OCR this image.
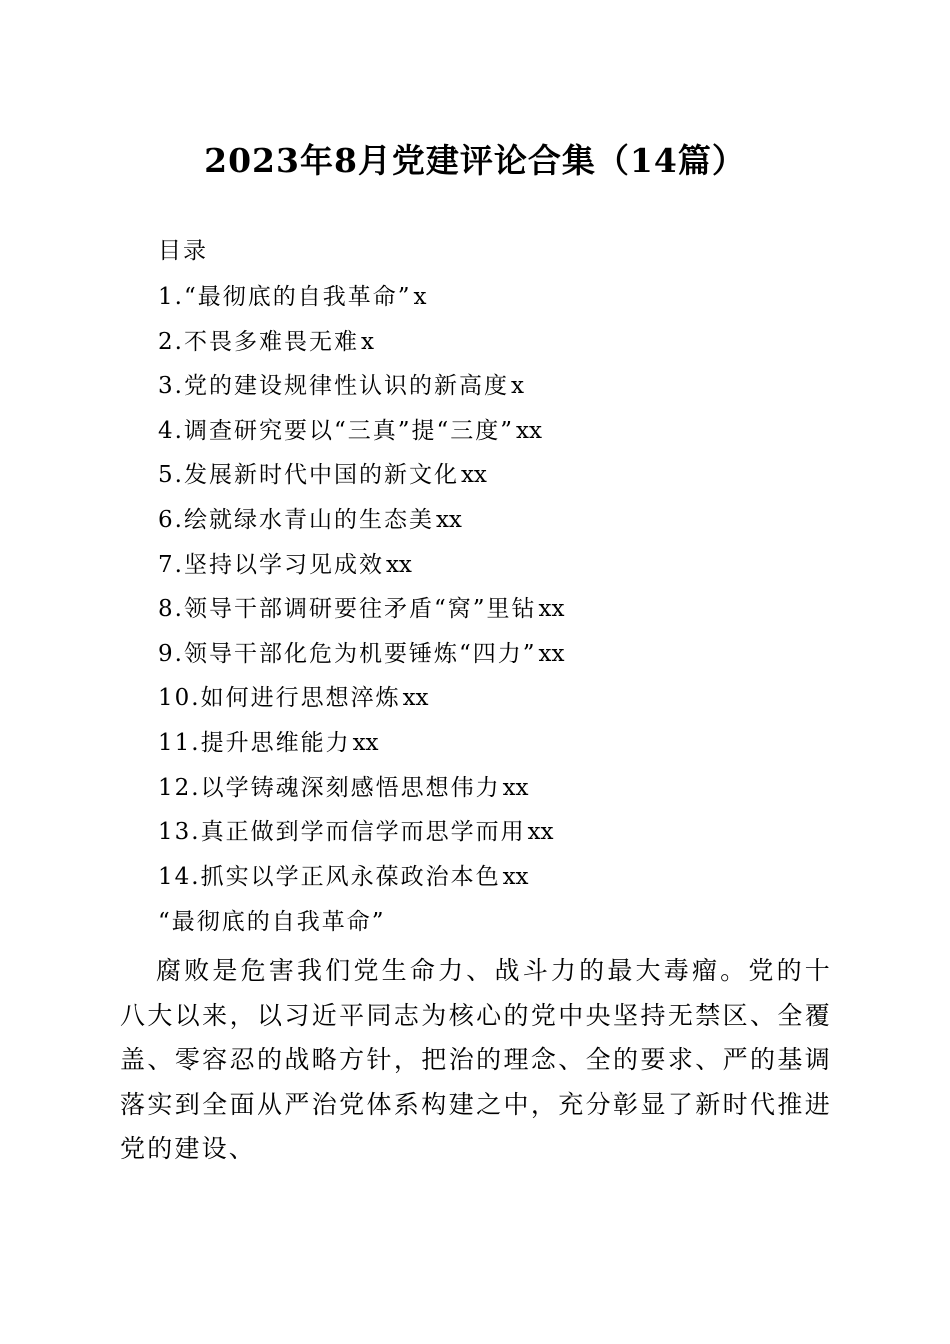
2023年8月党建评论合集（14篇）
目录
1.“最彻底的自我革命”x
2.不畏多难畏无难x
3.党的建设规律性认识的新高度x
4.调查研究要以“三真”提“三度”xx
5.发展新时代中国的新文化xx
6.绘就绿水青山的生态美xx
7.坚持以学习见成效xx
8.领导干部调研要往矛盾“窝”里钻xx
9.领导干部化危为机要锤炼“四力”xx
10.如何进行思想淬炼xx
11.提升思维能力xx
12.以学铸魂深刻感悟思想伟力xx
13.真正做到学而信学而思学而用xx
14.抓实以学正风永葆政治本色xx
“最彻底的自我革命”

腐败是危害我们党生命力、战斗力的最大毒瘤。党的十八大以来，以习近平同志为核心的党中央坚持无禁区、全覆盖、零容忍的战略方针，把治的理念、全的要求、严的基调落实到全面从严治党体系构建之中，充分彰显了新时代推进党的建设、
